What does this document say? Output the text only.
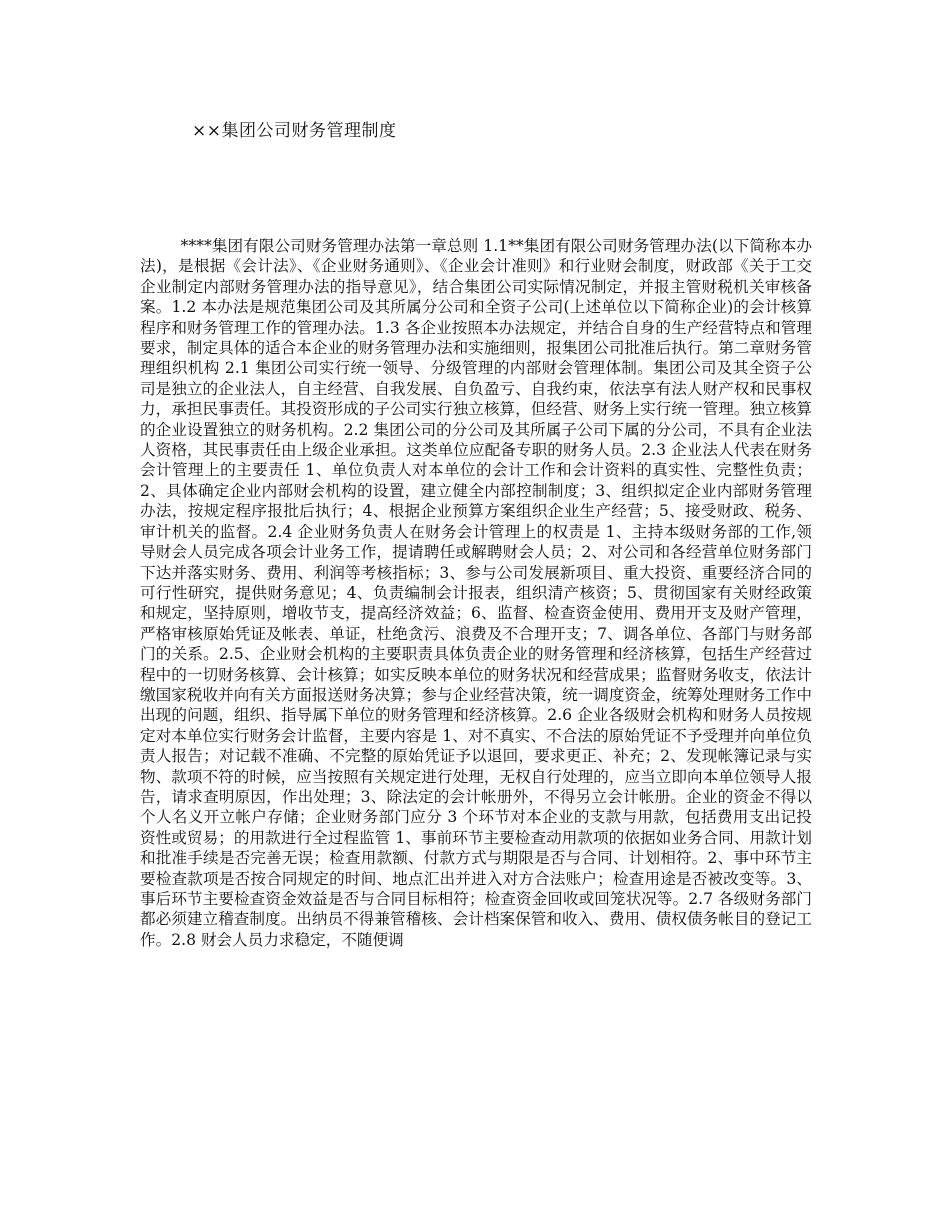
××集团公司财务管理制度

****集团有限公司财务管理办法第一章总则 1.1**集团有限公司财务管理办法(以下简称本办法)，是根据《会计法》、《企业财务通则》、《企业会计准则》和行业财会制度，财政部《关于工交企业制定内部财务管理办法的指导意见》，结合集团公司实际情况制定，并报主管财税机关审核备案。1.2 本办法是规范集团公司及其所属分公司和全资子公司(上述单位以下简称企业)的会计核算程序和财务管理工作的管理办法。1.3 各企业按照本办法规定，并结合自身的生产经营特点和管理要求，制定具体的适合本企业的财务管理办法和实施细则，报集团公司批准后执行。第二章财务管理组织机构 2.1 集团公司实行统一领导、分级管理的内部财会管理体制。集团公司及其全资子公司是独立的企业法人，自主经营、自我发展、自负盈亏、自我约束，依法享有法人财产权和民事权力，承担民事责任。其投资形成的子公司实行独立核算，但经营、财务上实行统一管理。独立核算的企业设置独立的财务机构。2.2 集团公司的分公司及其所属子公司下属的分公司，不具有企业法人资格，其民事责任由上级企业承担。这类单位应配备专职的财务人员。2.3 企业法人代表在财务会计管理上的主要责任 1、单位负责人对本单位的会计工作和会计资料的真实性、完整性负责；2、具体确定企业内部财会机构的设置，建立健全内部控制制度；3、组织拟定企业内部财务管理办法，按规定程序报批后执行；4、根据企业预算方案组织企业生产经营；5、接受财政、税务、审计机关的监督。2.4 企业财务负责人在财务会计管理上的权责是 1、主持本级财务部的工作,领导财会人员完成各项会计业务工作，提请聘任或解聘财会人员；2、对公司和各经营单位财务部门下达并落实财务、费用、利润等考核指标；3、参与公司发展新项目、重大投资、重要经济合同的可行性研究，提供财务意见；4、负责编制会计报表，组织清产核资；5、贯彻国家有关财经政策和规定，坚持原则，增收节支，提高经济效益；6、监督、检查资金使用、费用开支及财产管理，严格审核原始凭证及帐表、单证，杜绝贪污、浪费及不合理开支；7、调各单位、各部门与财务部门的关系。2.5、企业财会机构的主要职责具体负责企业的财务管理和经济核算，包括生产经营过程中的一切财务核算、会计核算；如实反映本单位的财务状况和经营成果；监督财务收支，依法计缴国家税收并向有关方面报送财务决算；参与企业经营决策，统一调度资金，统筹处理财务工作中出现的问题，组织、指导属下单位的财务管理和经济核算。2.6 企业各级财会机构和财务人员按规定对本单位实行财务会计监督，主要内容是 1、对不真实、不合法的原始凭证不予受理并向单位负责人报告；对记载不准确、不完整的原始凭证予以退回，要求更正、补充；2、发现帐簿记录与实物、款项不符的时候，应当按照有关规定进行处理，无权自行处理的，应当立即向本单位领导人报告，请求查明原因，作出处理；3、除法定的会计帐册外，不得另立会计帐册。企业的资金不得以个人名义开立帐户存储；企业财务部门应分 3 个环节对本企业的支款与用款，包括费用支出记投资性或贸易；的用款进行全过程监管 1、事前环节主要检查动用款项的依据如业务合同、用款计划和批准手续是否完善无误；检查用款额、付款方式与期限是否与合同、计划相符。2、事中环节主要检查款项是否按合同规定的时间、地点汇出并进入对方合法账户；检查用途是否被改变等。3、事后环节主要检查资金效益是否与合同目标相符；检查资金回收或回笼状况等。2.7 各级财务部门都必须建立稽查制度。出纳员不得兼管稽核、会计档案保管和收入、费用、债权债务帐目的登记工作。2.8 财会人员力求稳定，不随便调
